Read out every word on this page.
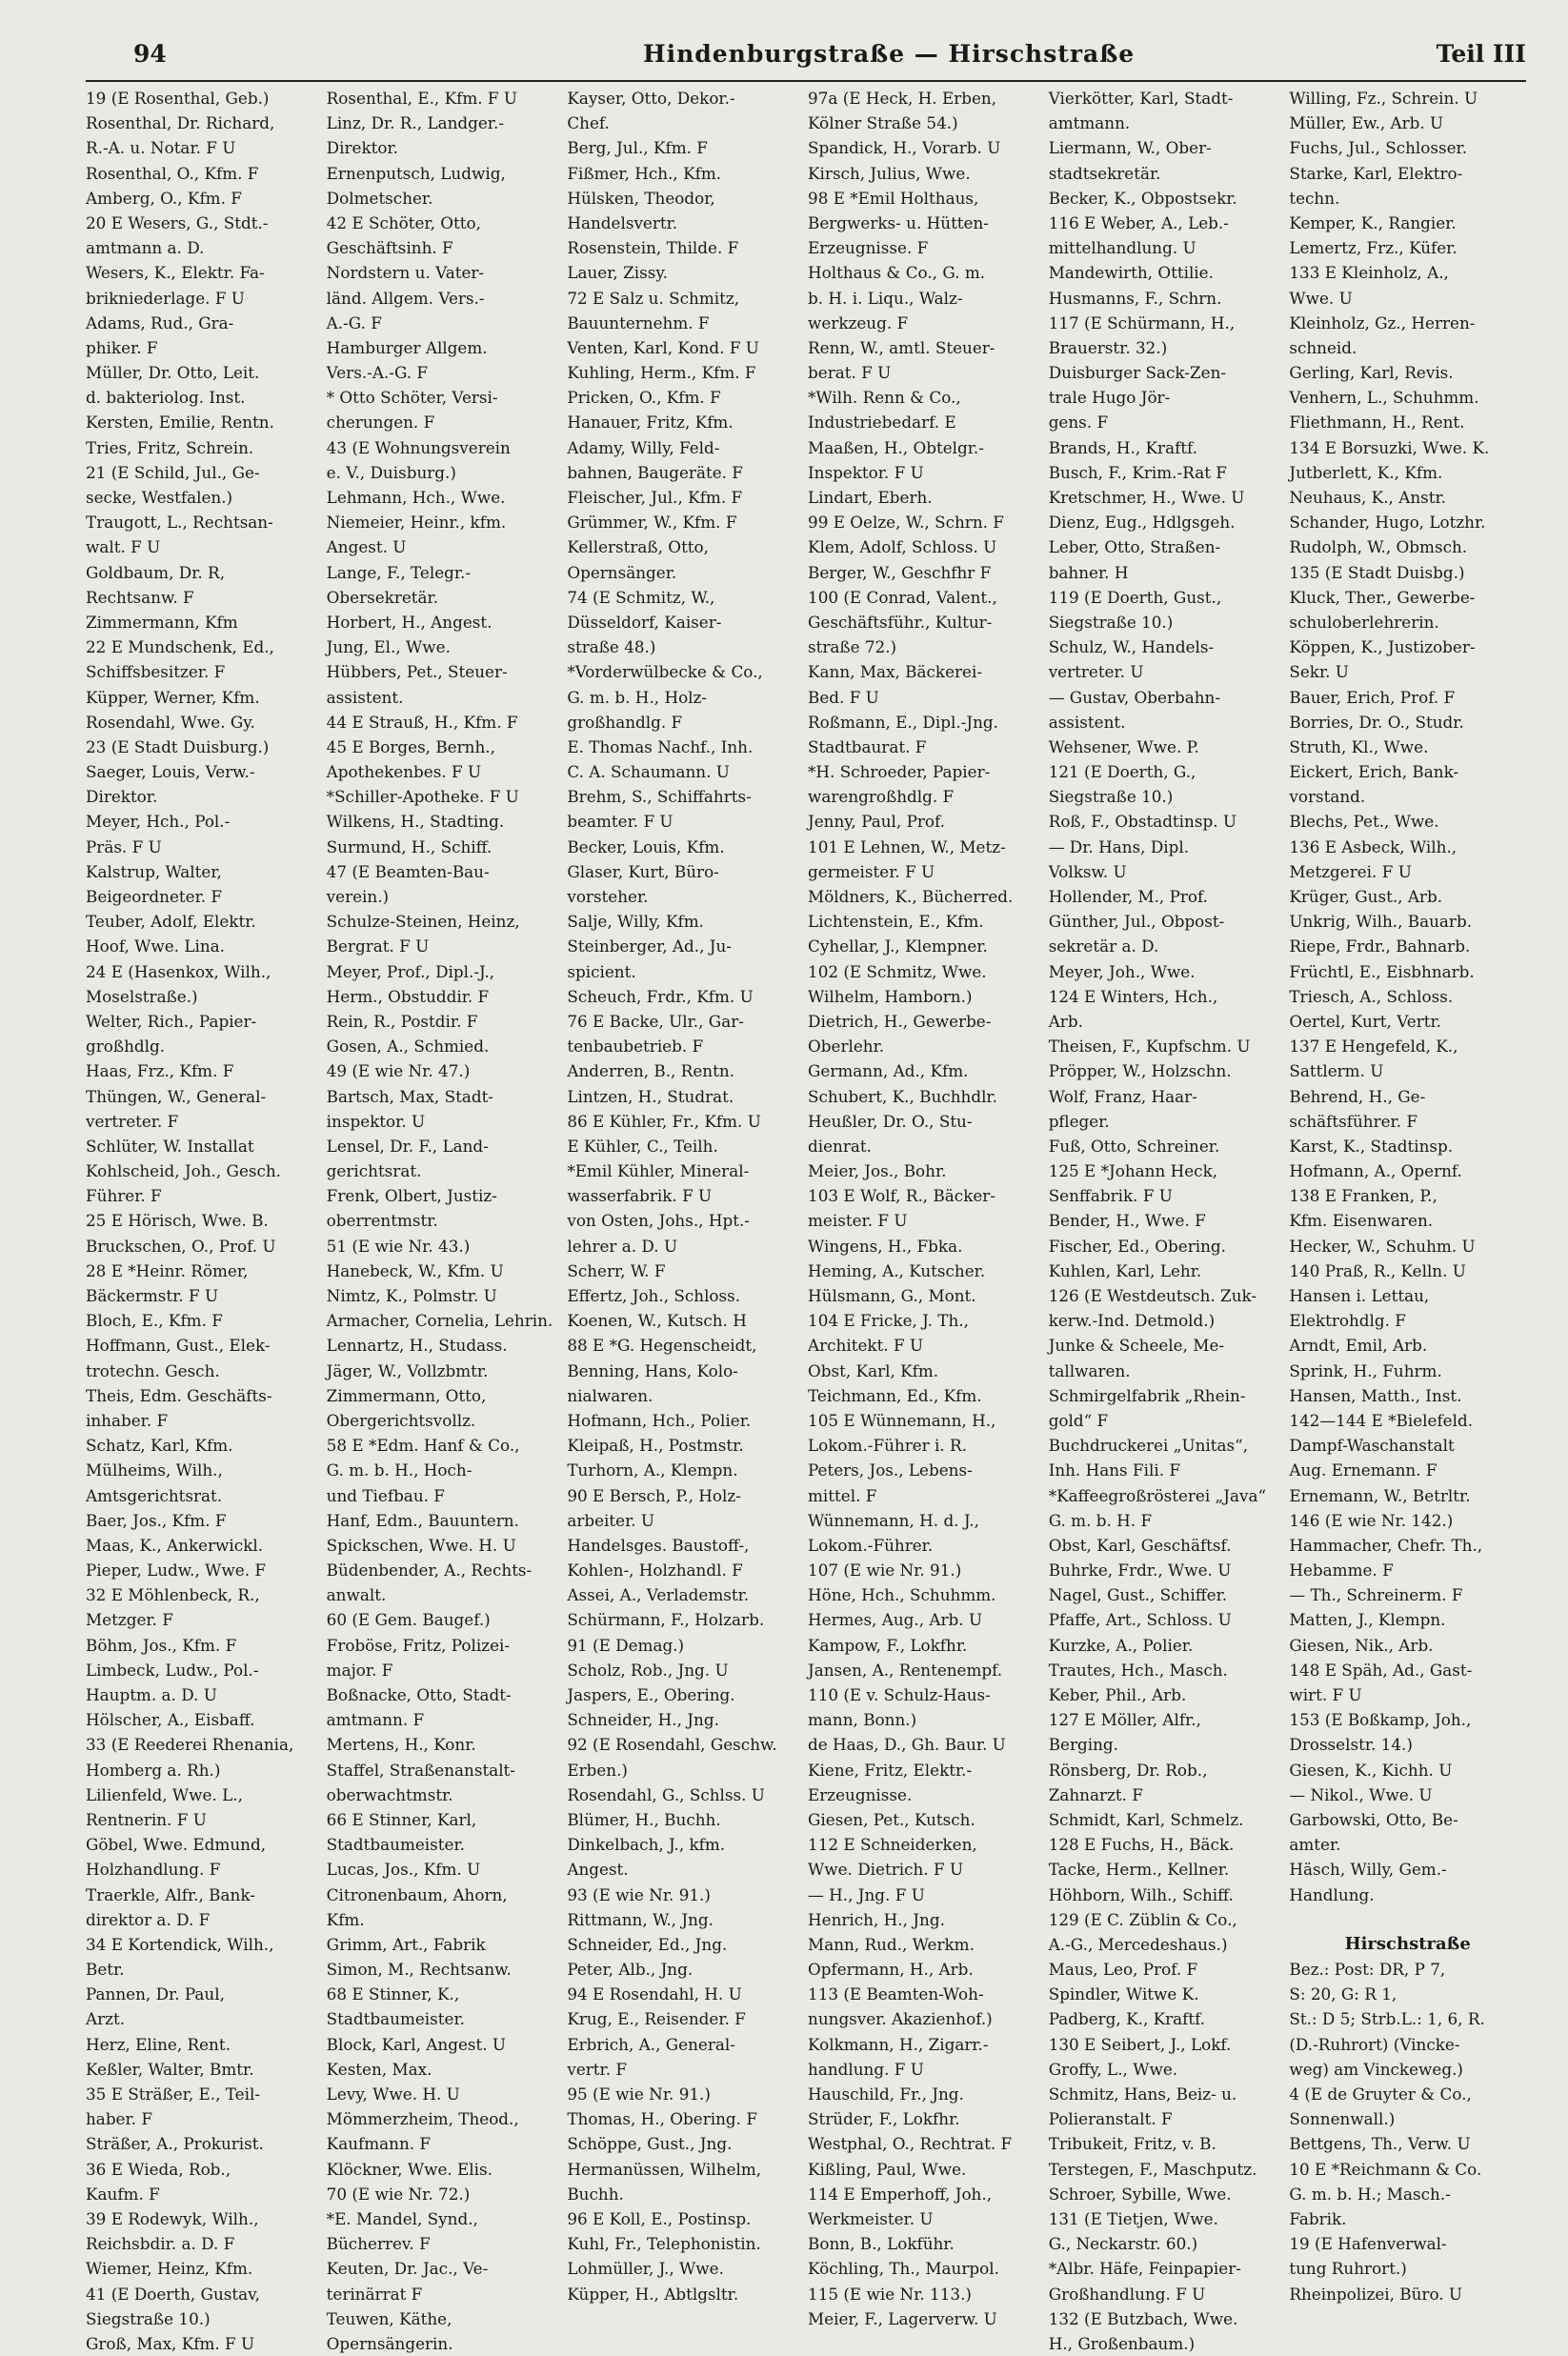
94	Hindenburgstraße — Hirschstraße	Teil III
19 (E Rosenthal, Geb.)
Rosenthal, Dr. Richard,
R.-A. u. Notar. F U
Rosenthal, O., Kfm. F
Amberg, O., Kfm. F
20 E Wesers, G., Stdt.-
amtmann a. D.
Wesers, K., Elektr. Fa-
brikniederlage. F U
Adams, Rud., Gra-
phiker. F
Müller, Dr. Otto, Leit.
d. bakteriolog. Inst.
Kersten, Emilie, Rentn.
Tries, Fritz, Schrein.
21 (E Schild, Jul., Ge-
secke, Westfalen.)
Traugott, L., Rechtsan-
walt. F U
Goldbaum, Dr. R,
Rechtsanw. F
Zimmermann, Kfm
22 E Mundschenk, Ed.,
Schiffsbesitzer. F
Küpper, Werner, Kfm.
Rosendahl, Wwe. Gy.
23 (E Stadt Duisburg.)
Saeger, Louis, Verw.-
Direktor.
Meyer, Hch., Pol.-
Präs. F U
Kalstrup, Walter,
Beigeordneter. F
Teuber, Adolf, Elektr.
Hoof, Wwe. Lina.
24 E (Hasenkox, Wilh.,
Moselstraße.)
Welter, Rich., Papier-
großhdlg.
Haas, Frz., Kfm. F
Thüngen, W., General-
vertreter. F
Schlüter, W. Installat
Kohlscheid, Joh., Gesch.
Führer. F
25 E Hörisch, Wwe. B.
Bruckschen, O., Prof. U
28 E *Heinr. Römer,
Bäckermstr. F U
Bloch, E., Kfm. F
Hoffmann, Gust., Elek-
trotechn. Gesch.
Theis, Edm. Geschäfts-
inhaber. F
Schatz, Karl, Kfm.
Mülheims, Wilh.,
Amtsgerichtsrat.
Baer, Jos., Kfm. F
Maas, K., Ankerwickl.
Pieper, Ludw., Wwe. F
32 E Möhlenbeck, R.,
Metzger. F
Böhm, Jos., Kfm. F
Limbeck, Ludw., Pol.-
Hauptm. a. D. U
Hölscher, A., Eisbaff.
33 (E Reederei Rhenania,
Homberg a. Rh.)
Lilienfeld, Wwe. L.,
Rentnerin. F U
Göbel, Wwe. Edmund,
Holzhandlung. F
Traerkle, Alfr., Bank-
direktor a. D. F
34 E Kortendick, Wilh.,
Betr.
Pannen, Dr. Paul,
Arzt.
Herz, Eline, Rent.
Keßler, Walter, Bmtr.
35 E Sträßer, E., Teil-
haber. F
Sträßer, A., Prokurist.
36 E Wieda, Rob.,
Kaufm. F
39 E Rodewyk, Wilh.,
Reichsbdir. a. D. F
Wiemer, Heinz, Kfm.
41 (E Doerth, Gustav,
Siegstraße 10.)
Groß, Max, Kfm. F U
Rosenthal, E., Kfm. F U
Linz, Dr. R., Landger.-
Direktor.
Ernenputsch, Ludwig,
Dolmetscher.
42 E Schöter, Otto,
Geschäftsinh. F
Nordstern u. Vater-
länd. Allgem. Vers.-
A.-G. F
Hamburger Allgem.
Vers.-A.-G. F
* Otto Schöter, Versi-
cherungen. F
43 (E Wohnungsverein
e. V., Duisburg.)
Lehmann, Hch., Wwe.
Niemeier, Heinr., kfm.
Angest. U
Lange, F., Telegr.-
Obersekretär.
Horbert, H., Angest.
Jung, El., Wwe.
Hübbers, Pet., Steuer-
assistent.
44 E Strauß, H., Kfm. F
45 E Borges, Bernh.,
Apothekenbes. F U
*Schiller-Apotheke. F U
Wilkens, H., Stadting.
Surmund, H., Schiff.
47 (E Beamten-Bau-
verein.)
Schulze-Steinen, Heinz,
Bergrat. F U
Meyer, Prof., Dipl.-J.,
Herm., Obstuddir. F
Rein, R., Postdir. F
Gosen, A., Schmied.
49 (E wie Nr. 47.)
Bartsch, Max, Stadt-
inspektor. U
Lensel, Dr. F., Land-
gerichtsrat.
Frenk, Olbert, Justiz-
oberrentmstr.
51 (E wie Nr. 43.)
Hanebeck, W., Kfm. U
Nimtz, K., Polmstr. U
Armacher, Cornelia, Lehrin.
Lennartz, H., Studass.
Jäger, W., Vollzbmtr.
Zimmermann, Otto,
Obergerichtsvollz.
58 E *Edm. Hanf & Co.,
G. m. b. H., Hoch-
und Tiefbau. F
Hanf, Edm., Bauuntern.
Spickschen, Wwe. H. U
Büdenbender, A., Rechts-
anwalt.
60 (E Gem. Baugef.)
Froböse, Fritz, Polizei-
major. F
Boßnacke, Otto, Stadt-
amtmann. F
Mertens, H., Konr.
Staffel, Straßenanstalt-
oberwachtmstr.
66 E Stinner, Karl,
Stadtbaumeister.
Lucas, Jos., Kfm. U
Citronenbaum, Ahorn,
Kfm.
Grimm, Art., Fabrik
Simon, M., Rechtsanw.
68 E Stinner, K.,
Stadtbaumeister.
Block, Karl, Angest. U
Kesten, Max.
Levy, Wwe. H. U
Mömmerzheim, Theod.,
Kaufmann. F
Klöckner, Wwe. Elis.
70 (E wie Nr. 72.)
*E. Mandel, Synd.,
Bücherrev. F
Keuten, Dr. Jac., Ve-
terinärrat F
Teuwen, Käthe,
Opernsängerin.
Kayser, Otto, Dekor.-
Chef.
Berg, Jul., Kfm. F
Fißmer, Hch., Kfm.
Hülsken, Theodor,
Handelsvertr.
Rosenstein, Thilde. F
Lauer, Zissy.
72 E Salz u. Schmitz,
Bauunternehm. F
Venten, Karl, Kond. F U
Kuhling, Herm., Kfm. F
Pricken, O., Kfm. F
Hanauer, Fritz, Kfm.
Adamy, Willy, Feld-
bahnen, Baugeräte. F
Fleischer, Jul., Kfm. F
Grümmer, W., Kfm. F
Kellerstraß, Otto,
Opernsänger.
74 (E Schmitz, W.,
Düsseldorf, Kaiser-
straße 48.)
*Vorderwülbecke & Co.,
G. m. b. H., Holz-
großhandlg. F
E. Thomas Nachf., Inh.
C. A. Schaumann. U
Brehm, S., Schiffahrts-
beamter. F U
Becker, Louis, Kfm.
Glaser, Kurt, Büro-
vorsteher.
Salje, Willy, Kfm.
Steinberger, Ad., Ju-
spicient.
Scheuch, Frdr., Kfm. U
76 E Backe, Ulr., Gar-
tenbaubetrieb. F
Anderren, B., Rentn.
Lintzen, H., Studrat.
86 E Kühler, Fr., Kfm. U
E Kühler, C., Teilh.
*Emil Kühler, Mineral-
wasserfabrik. F U
von Osten, Johs., Hpt.-
lehrer a. D. U
Scherr, W. F
Effertz, Joh., Schloss.
Koenen, W., Kutsch. H
88 E *G. Hegenscheidt,
Benning, Hans, Kolo-
nialwaren.
Hofmann, Hch., Polier.
Kleipaß, H., Postmstr.
Turhorn, A., Klempn.
90 E Bersch, P., Holz-
arbeiter. U
Handelsges. Baustoff-,
Kohlen-, Holzhandl. F
Assei, A., Verlademstr.
Schürmann, F., Holzarb.
91 (E Demag.)
Scholz, Rob., Jng. U
Jaspers, E., Obering.
Schneider, H., Jng.
92 (E Rosendahl, Geschw.
Erben.)
Rosendahl, G., Schlss. U
Blümer, H., Buchh.
Dinkelbach, J., kfm.
Angest.
93 (E wie Nr. 91.)
Rittmann, W., Jng.
Schneider, Ed., Jng.
Peter, Alb., Jng.
94 E Rosendahl, H. U
Krug, E., Reisender. F
Erbrich, A., General-
vertr. F
95 (E wie Nr. 91.)
Thomas, H., Obering. F
Schöppe, Gust., Jng.
Hermanüssen, Wilhelm,
Buchh.
96 E Koll, E., Postinsp.
Kuhl, Fr., Telephonistin.
Lohmüller, J., Wwe.
Küpper, H., Abtlgsltr.
97a (E Heck, H. Erben,
Kölner Straße 54.)
Spandick, H., Vorarb. U
Kirsch, Julius, Wwe.
98 E *Emil Holthaus,
Bergwerks- u. Hütten-
Erzeugnisse. F
Holthaus & Co., G. m.
b. H. i. Liqu., Walz-
werkzeug. F
Renn, W., amtl. Steuer-
berat. F U
*Wilh. Renn & Co.,
Industriebedarf. E
Maaßen, H., Obtelgr.-
Inspektor. F U
Lindart, Eberh.
99 E Oelze, W., Schrn. F
Klem, Adolf, Schloss. U
Berger, W., Geschfhr F
100 (E Conrad, Valent.,
Geschäftsführ., Kultur-
straße 72.)
Kann, Max, Bäckerei-
Bed. F U
Roßmann, E., Dipl.-Jng.
Stadtbaurat. F
*H. Schroeder, Papier-
warengroßhdlg. F
Jenny, Paul, Prof.
101 E Lehnen, W., Metz-
germeister. F U
Möldners, K., Bücherred.
Lichtenstein, E., Kfm.
Cyhellar, J., Klempner.
102 (E Schmitz, Wwe.
Wilhelm, Hamborn.)
Dietrich, H., Gewerbe-
Oberlehr.
Germann, Ad., Kfm.
Schubert, K., Buchhdlr.
Heußler, Dr. O., Stu-
dienrat.
Meier, Jos., Bohr.
103 E Wolf, R., Bäcker-
meister. F U
Wingens, H., Fbka.
Heming, A., Kutscher.
Hülsmann, G., Mont.
104 E Fricke, J. Th.,
Architekt. F U
Obst, Karl, Kfm.
Teichmann, Ed., Kfm.
105 E Wünnemann, H.,
Lokom.-Führer i. R.
Peters, Jos., Lebens-
mittel. F
Wünnemann, H. d. J.,
Lokom.-Führer.
107 (E wie Nr. 91.)
Höne, Hch., Schuhmm.
Hermes, Aug., Arb. U
Kampow, F., Lokfhr.
Jansen, A., Rentenempf.
110 (E v. Schulz-Haus-
mann, Bonn.)
de Haas, D., Gh. Baur. U
Kiene, Fritz, Elektr.-
Erzeugnisse.
Giesen, Pet., Kutsch.
112 E Schneiderken,
Wwe. Dietrich. F U
— H., Jng. F U
Henrich, H., Jng.
Mann, Rud., Werkm.
Opfermann, H., Arb.
113 (E Beamten-Woh-
nungsver. Akazienhof.)
Kolkmann, H., Zigarr.-
handlung. F U
Hauschild, Fr., Jng.
Strüder, F., Lokfhr.
Westphal, O., Rechtrat. F
Kißling, Paul, Wwe.
114 E Emperhoff, Joh.,
Werkmeister. U
Bonn, B., Lokführ.
Köchling, Th., Maurpol.
115 (E wie Nr. 113.)
Meier, F., Lagerverw. U
Vierkötter, Karl, Stadt-
amtmann.
Liermann, W., Ober-
stadtsekretär.
Becker, K., Obpostsekr.
116 E Weber, A., Leb.-
mittelhandlung. U
Mandewirth, Ottilie.
Husmanns, F., Schrn.
117 (E Schürmann, H.,
Brauerstr. 32.)
Duisburger Sack-Zen-
trale Hugo Jör-
gens. F
Brands, H., Kraftf.
Busch, F., Krim.-Rat F
Kretschmer, H., Wwe. U
Dienz, Eug., Hdlgsgeh.
Leber, Otto, Straßen-
bahner. H
119 (E Doerth, Gust.,
Siegstraße 10.)
Schulz, W., Handels-
vertreter. U
— Gustav, Oberbahn-
assistent.
Wehsener, Wwe. P.
121 (E Doerth, G.,
Siegstraße 10.)
Roß, F., Obstadtinsp. U
— Dr. Hans, Dipl.
Volksw. U
Hollender, M., Prof.
Günther, Jul., Obpost-
sekretär a. D.
Meyer, Joh., Wwe.
124 E Winters, Hch.,
Arb.
Theisen, F., Kupfschm. U
Pröpper, W., Holzschn.
Wolf, Franz, Haar-
pfleger.
Fuß, Otto, Schreiner.
125 E *Johann Heck,
Senffabrik. F U
Bender, H., Wwe. F
Fischer, Ed., Obering.
Kuhlen, Karl, Lehr.
126 (E Westdeutsch. Zuk-
kerw.-Ind. Detmold.)
Junke & Scheele, Me-
tallwaren.
Schmirgelfabrik „Rhein-
gold“ F
Buchdruckerei „Unitas“,
Inh. Hans Fili. F
*Kaffeegroßrösterei „Java“
G. m. b. H. F
Obst, Karl, Geschäftsf.
Buhrke, Frdr., Wwe. U
Nagel, Gust., Schiffer.
Pfaffe, Art., Schloss. U
Kurzke, A., Polier.
Trautes, Hch., Masch.
Keber, Phil., Arb.
127 E Möller, Alfr.,
Berging.
Rönsberg, Dr. Rob.,
Zahnarzt. F
Schmidt, Karl, Schmelz.
128 E Fuchs, H., Bäck.
Tacke, Herm., Kellner.
Höhborn, Wilh., Schiff.
129 (E C. Züblin & Co.,
A.-G., Mercedeshaus.)
Maus, Leo, Prof. F
Spindler, Witwe K.
Padberg, K., Kraftf.
130 E Seibert, J., Lokf.
Groffy, L., Wwe.
Schmitz, Hans, Beiz- u.
Polieranstalt. F
Tribukeit, Fritz, v. B.
Terstegen, F., Maschputz.
Schroer, Sybille, Wwe.
131 (E Tietjen, Wwe.
G., Neckarstr. 60.)
*Albr. Häfe, Feinpapier-
Großhandlung. F U
132 (E Butzbach, Wwe.
H., Großenbaum.)
Willing, Fz., Schrein. U
Müller, Ew., Arb. U
Fuchs, Jul., Schlosser.
Starke, Karl, Elektro-
techn.
Kemper, K., Rangier.
Lemertz, Frz., Küfer.
133 E Kleinholz, A.,
Wwe. U
Kleinholz, Gz., Herren-
schneid.
Gerling, Karl, Revis.
Venhern, L., Schuhmm.
Fliethmann, H., Rent.
134 E Borsuzki, Wwe. K.
Jutberlett, K., Kfm.
Neuhaus, K., Anstr.
Schander, Hugo, Lotzhr.
Rudolph, W., Obmsch.
135 (E Stadt Duisbg.)
Kluck, Ther., Gewerbe-
schuloberlehrerin.
Köppen, K., Justizober-
Sekr. U
Bauer, Erich, Prof. F
Borries, Dr. O., Studr.
Struth, Kl., Wwe.
Eickert, Erich, Bank-
vorstand.
Blechs, Pet., Wwe.
136 E Asbeck, Wilh.,
Metzgerei. F U
Krüger, Gust., Arb.
Unkrig, Wilh., Bauarb.
Riepe, Frdr., Bahnarb.
Früchtl, E., Eisbhnarb.
Triesch, A., Schloss.
Oertel, Kurt, Vertr.
137 E Hengefeld, K.,
Sattlerm. U
Behrend, H., Ge-
schäftsführer. F
Karst, K., Stadtinsp.
Hofmann, A., Opernf.
138 E Franken, P.,
Kfm. Eisenwaren.
Hecker, W., Schuhm. U
140 Praß, R., Kelln. U
Hansen i. Lettau,
Elektrohdlg. F
Arndt, Emil, Arb.
Sprink, H., Fuhrm.
Hansen, Matth., Inst.
142—144 E *Bielefeld.
Dampf-Waschanstalt
Aug. Ernemann. F
Ernemann, W., Betrltr.
146 (E wie Nr. 142.)
Hammacher, Chefr. Th.,
Hebamme. F
— Th., Schreinerm. F
Matten, J., Klempn.
Giesen, Nik., Arb.
148 E Späh, Ad., Gast-
wirt. F U
153 (E Boßkamp, Joh.,
Drosselstr. 14.)
Giesen, K., Kichh. U
— Nikol., Wwe. U
Garbowski, Otto, Be-
amter.
Häsch, Willy, Gem.-
Handlung.
Hirschstraße
Bez.: Post: DR, P 7,
S: 20, G: R 1,
St.: D 5; Strb.L.: 1, 6, R.
(D.-Ruhrort) (Vincke-
weg) am Vinckeweg.)
4 (E de Gruyter & Co.,
Sonnenwall.)
Bettgens, Th., Verw. U
10 E *Reichmann & Co.
G. m. b. H.; Masch.-
Fabrik.
19 (E Hafenverwal-
tung Ruhrort.)
Rheinpolizei, Büro. U
